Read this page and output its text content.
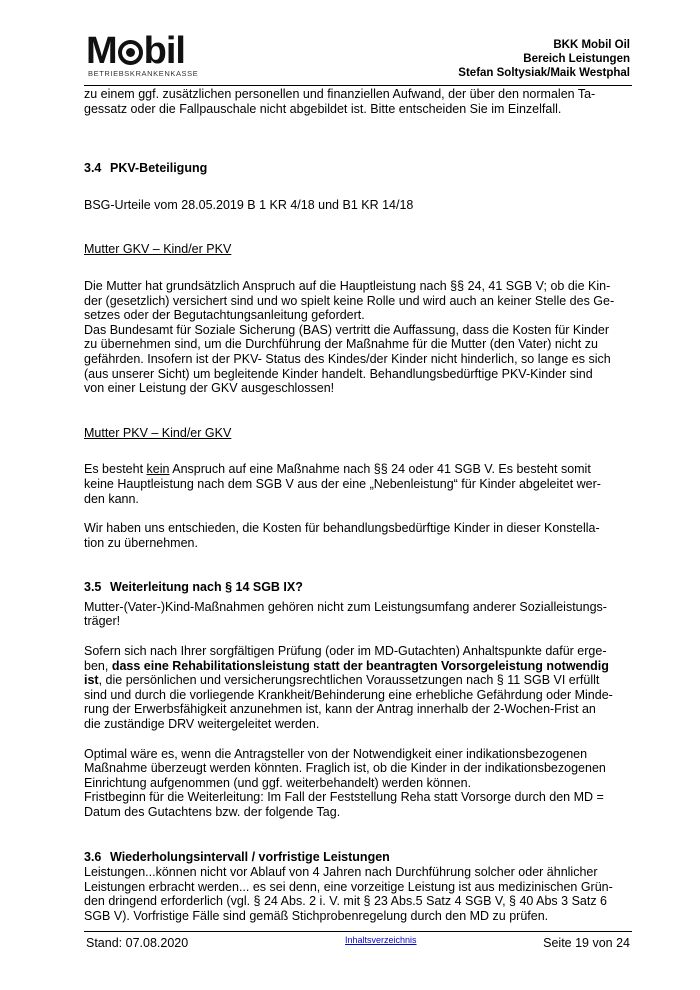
M bil
BETRIEBSKRANKENKASSE
BKK Mobil Oil
Bereich Leistungen
Stefan Soltysiak/Maik Westphal

zu einem ggf. zusätzlichen personellen und finanziellen Aufwand, der über den normalen Ta-

gessatz oder die Fallpauschale nicht abgebildet ist. Bitte entscheiden Sie im Einzelfall.

3.4 PKV-Beteiligung

BSG-Urteile vom 28.05.2019 B 1 KR 4/18 und B1 KR 14/18

Mutter GKV – Kind/er PKV

Die Mutter hat grundsätzlich Anspruch auf die Hauptleistung nach §§ 24, 41 SGB V; ob die Kin-

der (gesetzlich) versichert sind und wo spielt keine Rolle und wird auch an keiner Stelle des Ge-

setzes oder der Begutachtungsanleitung gefordert.

Das Bundesamt für Soziale Sicherung (BAS) vertritt die Auffassung, dass die Kosten für Kinder

zu übernehmen sind, um die Durchführung der Maßnahme für die Mutter (den Vater) nicht zu

gefährden. Insofern ist der PKV- Status des Kindes/der Kinder nicht hinderlich, so lange es sich

(aus unserer Sicht) um begleitende Kinder handelt. Behandlungsbedürftige PKV-Kinder sind

von einer Leistung der GKV ausgeschlossen!

Mutter PKV – Kind/er GKV

Es besteht kein Anspruch auf eine Maßnahme nach §§ 24 oder 41 SGB V. Es besteht somit

keine Hauptleistung nach dem SGB V aus der eine „Nebenleistung“ für Kinder abgeleitet wer-

den kann.

Wir haben uns entschieden, die Kosten für behandlungsbedürftige Kinder in dieser Konstella-

tion zu übernehmen.

3.5 Weiterleitung nach § 14 SGB IX?

Mutter-(Vater-)Kind-Maßnahmen gehören nicht zum Leistungsumfang anderer Sozialleistungs-

träger!

Sofern sich nach Ihrer sorgfältigen Prüfung (oder im MD-Gutachten) Anhaltspunkte dafür erge-

ben, dass eine Rehabilitationsleistung statt der beantragten Vorsorgeleistung notwendig

ist, die persönlichen und versicherungsrechtlichen Voraussetzungen nach § 11 SGB VI erfüllt

sind und durch die vorliegende Krankheit/Behinderung eine erhebliche Gefährdung oder Minde-

rung der Erwerbsfähigkeit anzunehmen ist, kann der Antrag innerhalb der 2-Wochen-Frist an

die zuständige DRV weitergeleitet werden.

Optimal wäre es, wenn die Antragsteller von der Notwendigkeit einer indikationsbezogenen

Maßnahme überzeugt werden könnten. Fraglich ist, ob die Kinder in der indikationsbezogenen

Einrichtung aufgenommen (und ggf. weiterbehandelt) werden können.

Fristbeginn für die Weiterleitung: Im Fall der Feststellung Reha statt Vorsorge durch den MD =

Datum des Gutachtens bzw. der folgende Tag.

3.6 Wiederholungsintervall / vorfristige Leistungen

Leistungen...können nicht vor Ablauf von 4 Jahren nach Durchführung solcher oder ähnlicher

Leistungen erbracht werden... es sei denn, eine vorzeitige Leistung ist aus medizinischen Grün-

den dringend erforderlich (vgl. § 24 Abs. 2 i. V. mit § 23 Abs.5 Satz 4 SGB V, § 40 Abs 3 Satz 6

SGB V). Vorfristige Fälle sind gemäß Stichprobenregelung durch den MD zu prüfen.

Stand: 07.08.2020	Inhaltsverzeichnis	Seite 19 von 24
